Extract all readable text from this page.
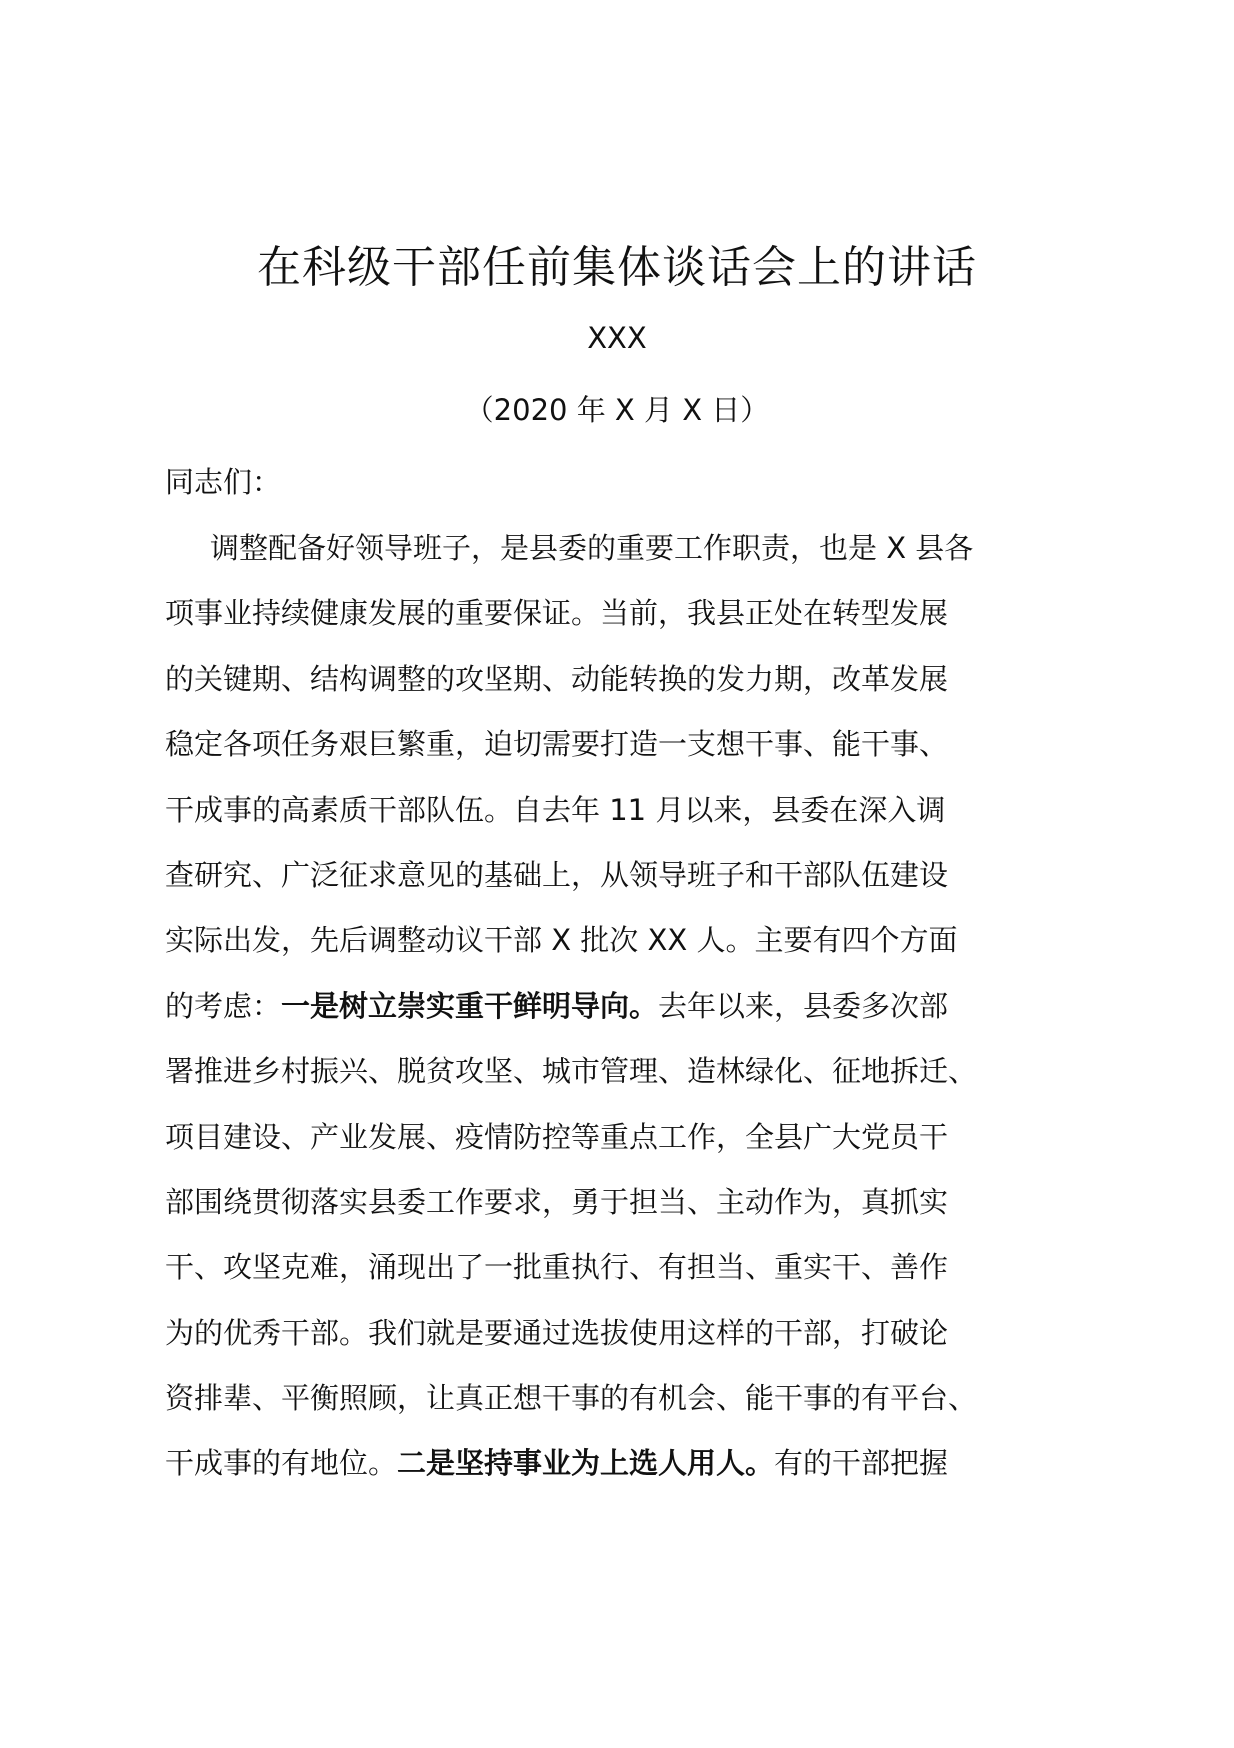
在科级干部任前集体谈话会上的讲话
XXX
（2020 年 X 月 X 日）
同志们：
调整配备好领导班子，是县委的重要工作职责，也是 X 县各
项事业持续健康发展的重要保证。当前，我县正处在转型发展
的关键期、结构调整的攻坚期、动能转换的发力期，改革发展
稳定各项任务艰巨繁重，迫切需要打造一支想干事、能干事、
干成事的高素质干部队伍。自去年 11 月以来，县委在深入调
查研究、广泛征求意见的基础上，从领导班子和干部队伍建设
实际出发，先后调整动议干部 X 批次 XX 人。主要有四个方面
的考虑：一是树立崇实重干鲜明导向。去年以来，县委多次部
署推进乡村振兴、脱贫攻坚、城市管理、造林绿化、征地拆迁、
项目建设、产业发展、疫情防控等重点工作，全县广大党员干
部围绕贯彻落实县委工作要求，勇于担当、主动作为，真抓实
干、攻坚克难，涌现出了一批重执行、有担当、重实干、善作
为的优秀干部。我们就是要通过选拔使用这样的干部，打破论
资排辈、平衡照顾，让真正想干事的有机会、能干事的有平台、
干成事的有地位。二是坚持事业为上选人用人。有的干部把握
